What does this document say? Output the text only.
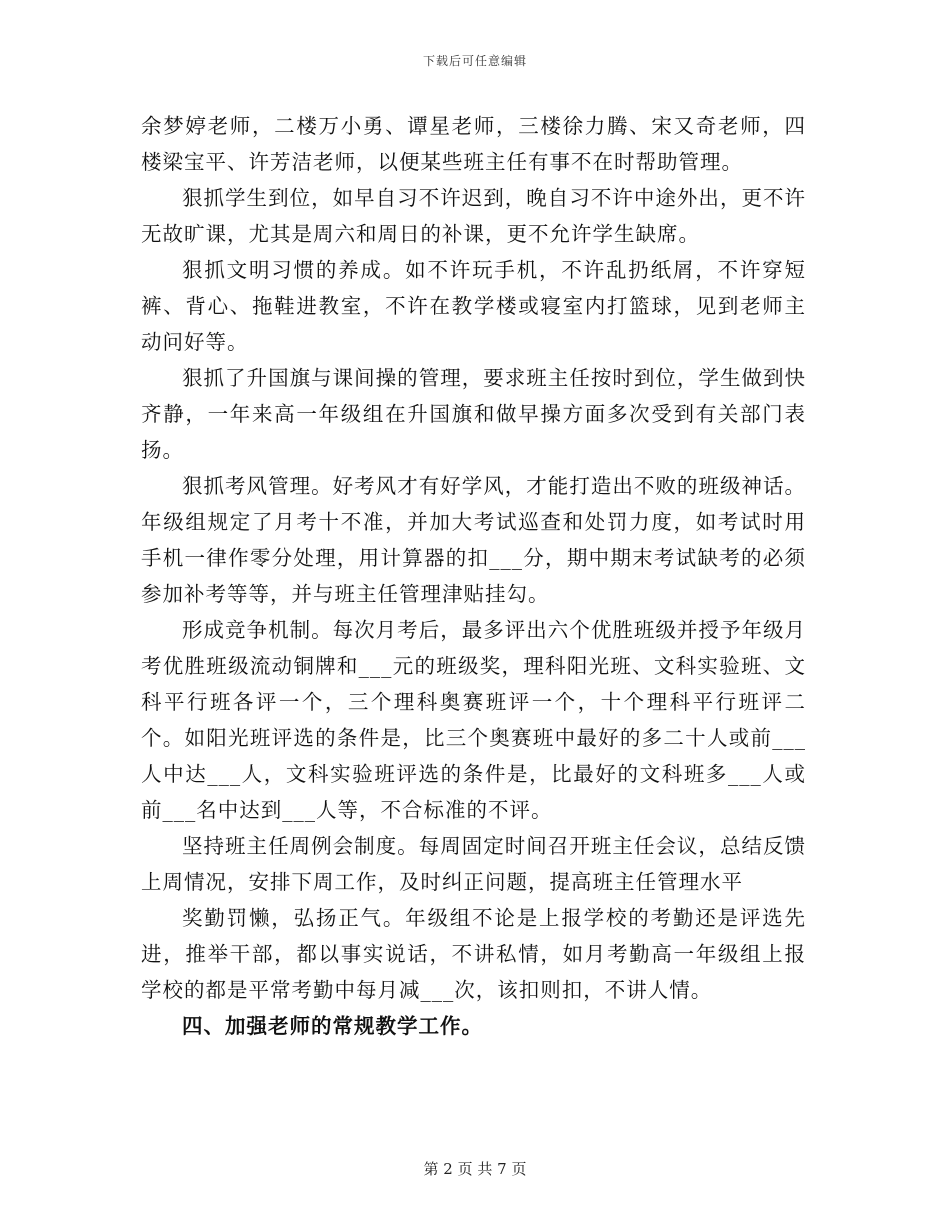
下载后可任意编辑

余梦婷老师，二楼万小勇、谭星老师，三楼徐力腾、宋又奇老师，四楼梁宝平、许芳洁老师，以便某些班主任有事不在时帮助管理。

狠抓学生到位，如早自习不许迟到，晚自习不许中途外出，更不许无故旷课，尤其是周六和周日的补课，更不允许学生缺席。

狠抓文明习惯的养成。如不许玩手机，不许乱扔纸屑，不许穿短裤、背心、拖鞋进教室，不许在教学楼或寝室内打篮球，见到老师主动问好等。

狠抓了升国旗与课间操的管理，要求班主任按时到位，学生做到快齐静，一年来高一年级组在升国旗和做早操方面多次受到有关部门表扬。

狠抓考风管理。好考风才有好学风，才能打造出不败的班级神话。年级组规定了月考十不准，并加大考试巡查和处罚力度，如考试时用手机一律作零分处理，用计算器的扣___分，期中期末考试缺考的必须参加补考等等，并与班主任管理津贴挂勾。

形成竞争机制。每次月考后，最多评出六个优胜班级并授予年级月考优胜班级流动铜牌和___元的班级奖，理科阳光班、文科实验班、文科平行班各评一个，三个理科奥赛班评一个，十个理科平行班评二个。如阳光班评选的条件是，比三个奥赛班中最好的多二十人或前___人中达___人，文科实验班评选的条件是，比最好的文科班多___人或前___名中达到___人等，不合标准的不评。

坚持班主任周例会制度。每周固定时间召开班主任会议，总结反馈上周情况，安排下周工作，及时纠正问题，提高班主任管理水平

奖勤罚懒，弘扬正气。年级组不论是上报学校的考勤还是评选先进，推举干部，都以事实说话，不讲私情，如月考勤高一年级组上报学校的都是平常考勤中每月减___次，该扣则扣，不讲人情。

四、加强老师的常规教学工作。

第 2 页 共 7 页
